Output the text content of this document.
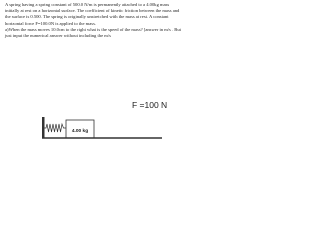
A spring having a spring constant of 500.0 N/m is permanently attached to a 4.00kg mass
initially at rest on a horizontal surface. The coefficient of kinetic friction between the mass and
the surface is 0.500. The spring is originally unstretched with the mass at rest. A constant
horizontal force F=100.0N is applied to the mass.
a)When the mass moves 10.0cm to the right what is the speed of the mass? [answer in m/s . But
just input the numerical answer without including the m/s
F =100 N
4.00 kg
